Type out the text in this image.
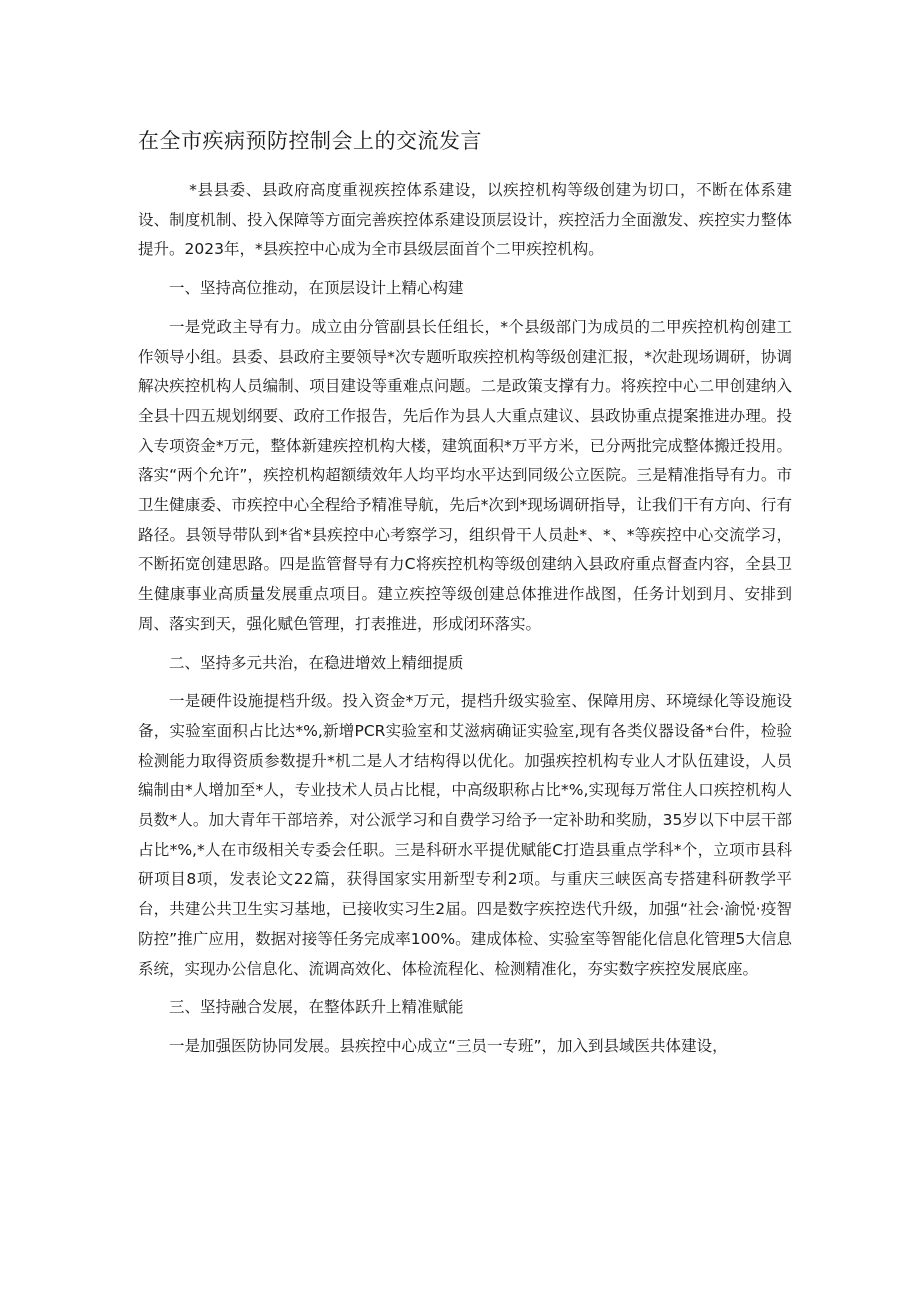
在全市疾病预防控制会上的交流发言

*县县委、县政府高度重视疾控体系建设，以疾控机构等级创建为切口，不断在体系建设、制度机制、投入保障等方面完善疾控体系建设顶层设计，疾控活力全面激发、疾控实力整体提升。2023年，*县疾控中心成为全市县级层面首个二甲疾控机构。

一、坚持高位推动，在顶层设计上精心构建

一是党政主导有力。成立由分管副县长任组长，*个县级部门为成员的二甲疾控机构创建工作领导小组。县委、县政府主要领导*次专题听取疾控机构等级创建汇报，*次赴现场调研，协调解决疾控机构人员编制、项目建设等重难点问题。二是政策支撑有力。将疾控中心二甲创建纳入全县十四五规划纲要、政府工作报告，先后作为县人大重点建议、县政协重点提案推进办理。投入专项资金*万元，整体新建疾控机构大楼，建筑面积*万平方米，已分两批完成整体搬迁投用。落实“两个允许”，疾控机构超额绩效年人均平均水平达到同级公立医院。三是精准指导有力。市卫生健康委、市疾控中心全程给予精准导航，先后*次到*现场调研指导，让我们干有方向、行有路径。县领导带队到*省*县疾控中心考察学习，组织骨干人员赴*、*、*等疾控中心交流学习，不断拓宽创建思路。四是监管督导有力C将疾控机构等级创建纳入县政府重点督查内容，全县卫生健康事业高质量发展重点项目。建立疾控等级创建总体推进作战图，任务计划到月、安排到周、落实到天，强化赋色管理，打表推进，形成闭环落实。

二、坚持多元共治，在稳进增效上精细提质

一是硬件设施提档升级。投入资金*万元，提档升级实验室、保障用房、环境绿化等设施设备，实验室面积占比达*%,新增PCR实验室和艾滋病确证实验室,现有各类仪器设备*台件，检验检测能力取得资质参数提升*机二是人才结构得以优化。加强疾控机构专业人才队伍建设，人员编制由*人增加至*人，专业技术人员占比棍，中高级职称占比*%,实现每万常住人口疾控机构人员数*人。加大青年干部培养，对公派学习和自费学习给予一定补助和奖励，35岁以下中层干部占比*%,*人在市级相关专委会任职。三是科研水平提优赋能C打造县重点学科*个，立项市县科研项目8项，发表论文22篇，获得国家实用新型专利2项。与重庆三峡医高专搭建科研教学平台，共建公共卫生实习基地，已接收实习生2届。四是数字疾控迭代升级，加强“社会·渝悦·疫智防控”推广应用，数据对接等任务完成率100%。建成体检、实验室等智能化信息化管理5大信息系统，实现办公信息化、流调高效化、体检流程化、检测精准化，夯实数字疾控发展底座。

三、坚持融合发展，在整体跃升上精准赋能

一是加强医防协同发展。县疾控中心成立“三员一专班”，加入到县域医共体建设，
